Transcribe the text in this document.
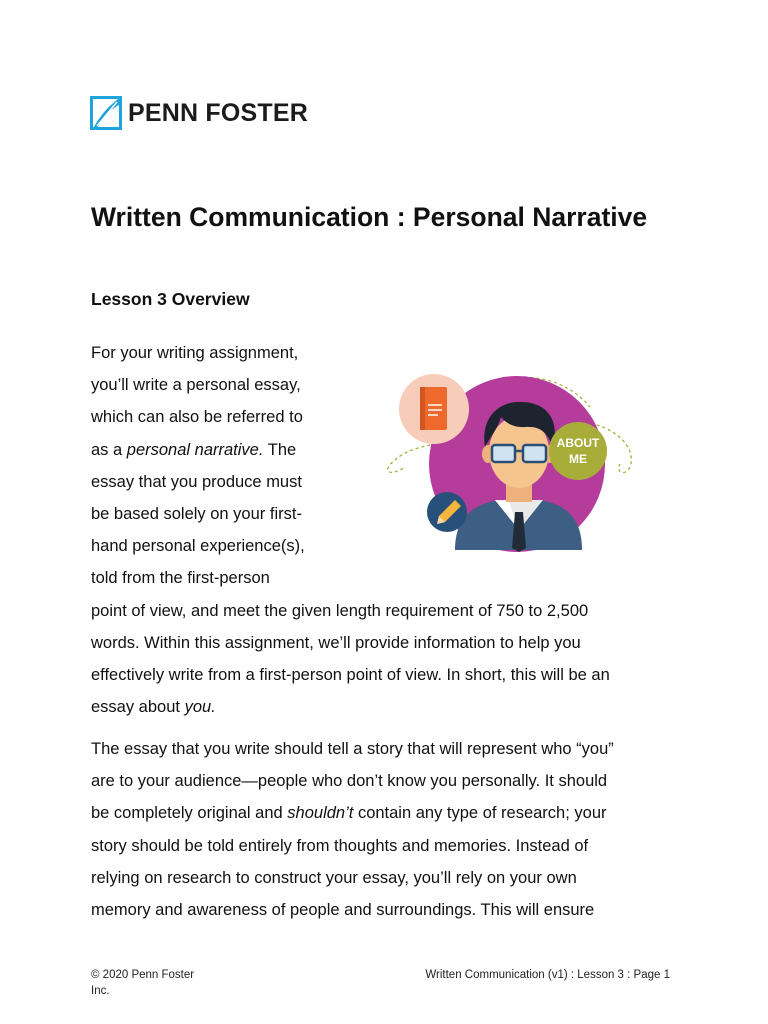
PENN FOSTER
Written Communication : Personal Narrative
Lesson 3 Overview
For your writing assignment,
you’ll write a personal essay,
which can also be referred to
as a personal narrative. The
essay that you produce must
be based solely on your first-
hand personal experience(s),
told from the first-person
point of view, and meet the given length requirement of 750 to 2,500
words. Within this assignment, we’ll provide information to help you
effectively write from a first-person point of view. In short, this will be an
essay about you.
ABOUT
ME
The essay that you write should tell a story that will represent who “you”
are to your audience—people who don’t know you personally. It should
be completely original and shouldn’t contain any type of research; your
story should be told entirely from thoughts and memories. Instead of
relying on research to construct your essay, you’ll rely on your own
memory and awareness of people and surroundings. This will ensure
© 2020 Penn Foster
Inc.
Written Communication (v1) : Lesson 3 : Page 1
